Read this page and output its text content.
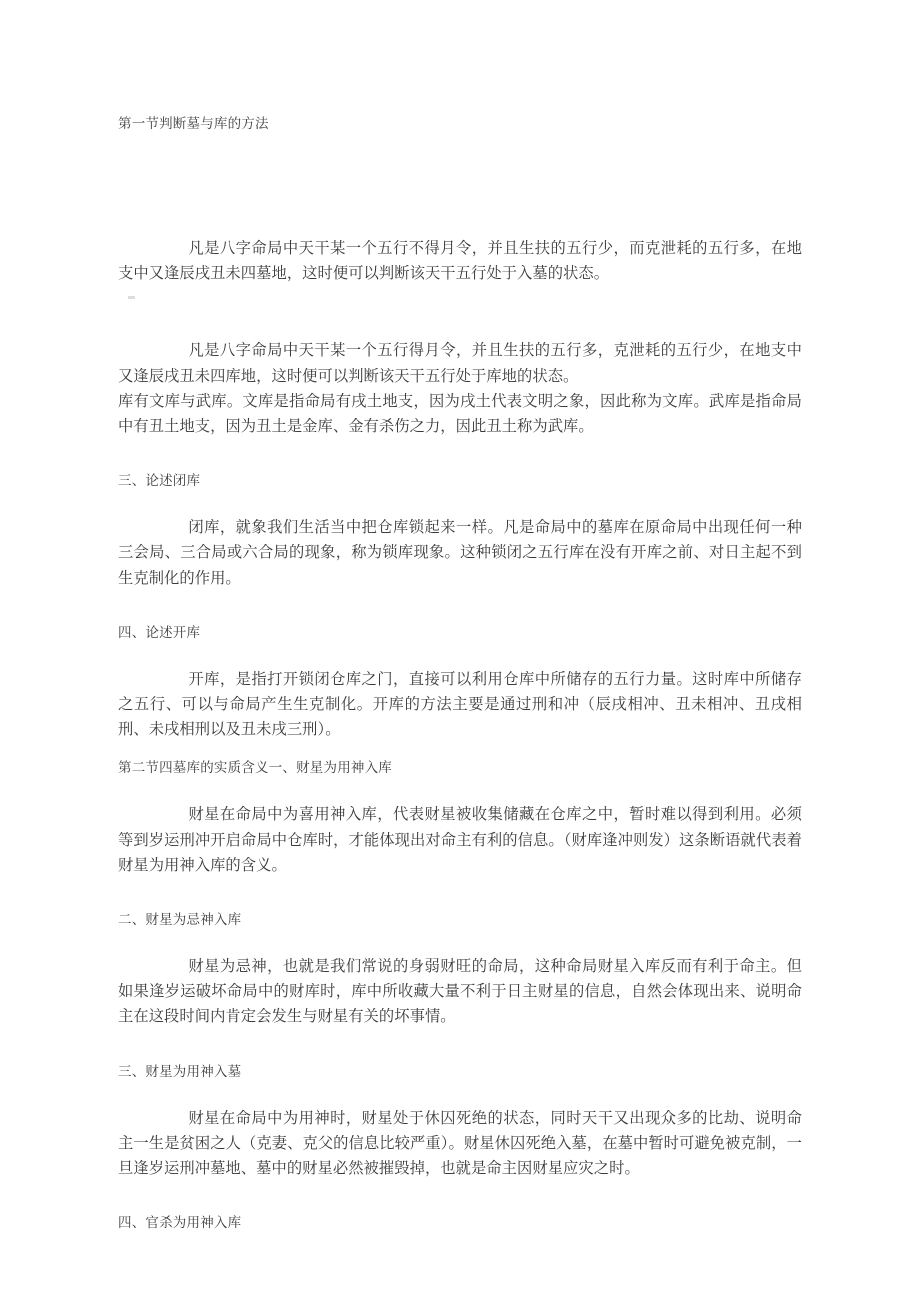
第一节判断墓与库的方法

凡是八字命局中天干某一个五行不得月令，并且生扶的五行少，而克泄耗的五行多，在地支中又逢辰戌丑未四墓地，这时便可以判断该天干五行处于入墓的状态。

凡是八字命局中天干某一个五行得月令，并且生扶的五行多，克泄耗的五行少，在地支中又逢辰戌丑未四库地，这时便可以判断该天干五行处于库地的状态。

库有文库与武库。文库是指命局有戌土地支，因为戌土代表文明之象，因此称为文库。武库是指命局中有丑土地支，因为丑土是金库、金有杀伤之力，因此丑土称为武库。

三、论述闭库

闭库，就象我们生活当中把仓库锁起来一样。凡是命局中的墓库在原命局中出现任何一种三会局、三合局或六合局的现象，称为锁库现象。这种锁闭之五行库在没有开库之前、对日主起不到生克制化的作用。

四、论述开库

开库，是指打开锁闭仓库之门，直接可以利用仓库中所储存的五行力量。这时库中所储存之五行、可以与命局产生生克制化。开库的方法主要是通过刑和冲（辰戌相冲、丑未相冲、丑戌相刑、未戌相刑以及丑未戌三刑）。

第二节四墓库的实质含义一、财星为用神入库

财星在命局中为喜用神入库，代表财星被收集储藏在仓库之中，暂时难以得到利用。必须等到岁运刑冲开启命局中仓库时，才能体现出对命主有利的信息。（财库逢冲则发）这条断语就代表着财星为用神入库的含义。

二、财星为忌神入库

财星为忌神，也就是我们常说的身弱财旺的命局，这种命局财星入库反而有利于命主。但如果逢岁运破坏命局中的财库时，库中所收藏大量不利于日主财星的信息，自然会体现出来、说明命主在这段时间内肯定会发生与财星有关的坏事情。

三、财星为用神入墓

财星在命局中为用神时，财星处于休囚死绝的状态，同时天干又出现众多的比劫、说明命主一生是贫困之人（克妻、克父的信息比较严重）。财星休囚死绝入墓，在墓中暂时可避免被克制，一旦逢岁运刑冲墓地、墓中的财星必然被摧毁掉，也就是命主因财星应灾之时。

四、官杀为用神入库
